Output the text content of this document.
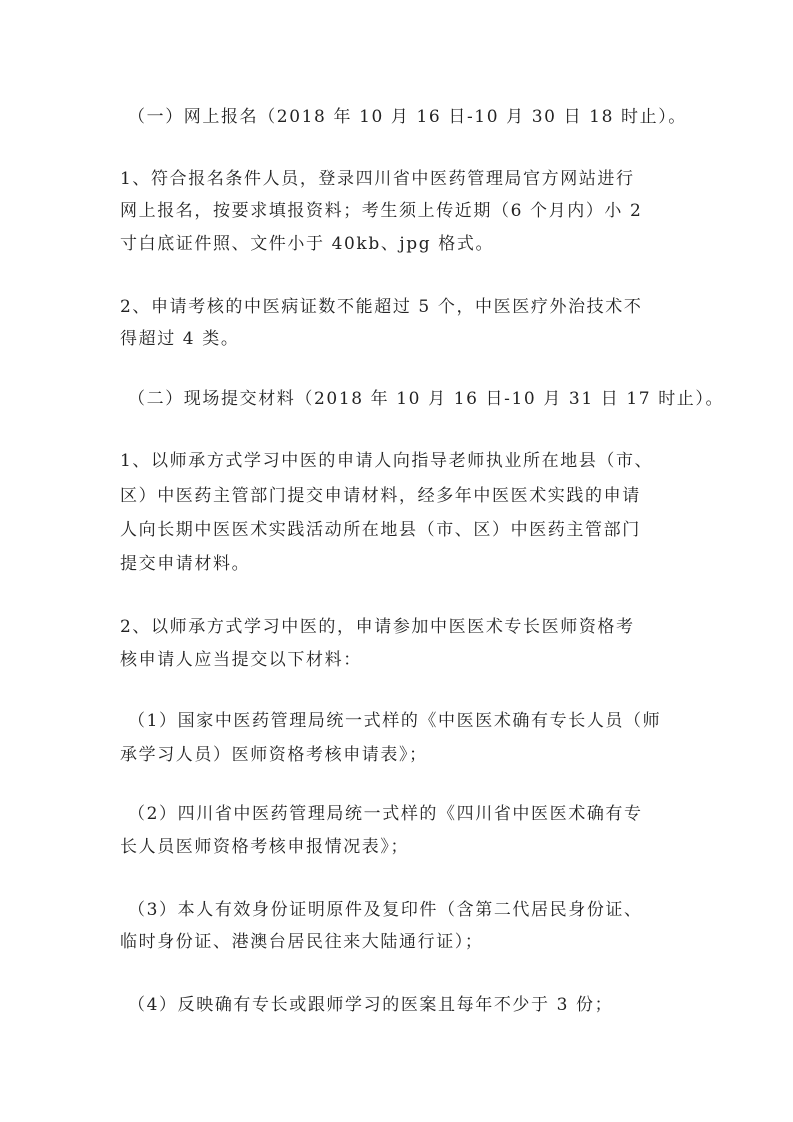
（一）网上报名（2018 年 10 月 16 日-10 月 30 日 18 时止）。

1、符合报名条件人员，登录四川省中医药管理局官方网站进行

网上报名，按要求填报资料；考生须上传近期（6 个月内）小 2

寸白底证件照、文件小于 40kb、jpg 格式。

2、申请考核的中医病证数不能超过 5 个，中医医疗外治技术不

得超过 4 类。

（二）现场提交材料（2018 年 10 月 16 日-10 月 31 日 17 时止）。

1、以师承方式学习中医的申请人向指导老师执业所在地县（市、

区）中医药主管部门提交申请材料，经多年中医医术实践的申请

人向长期中医医术实践活动所在地县（市、区）中医药主管部门

提交申请材料。

2、以师承方式学习中医的，申请参加中医医术专长医师资格考

核申请人应当提交以下材料：

（1）国家中医药管理局统一式样的《中医医术确有专长人员（师

承学习人员）医师资格考核申请表》；

（2）四川省中医药管理局统一式样的《四川省中医医术确有专

长人员医师资格考核申报情况表》；

（3）本人有效身份证明原件及复印件（含第二代居民身份证、

临时身份证、港澳台居民往来大陆通行证）；

（4）反映确有专长或跟师学习的医案且每年不少于 3 份；
